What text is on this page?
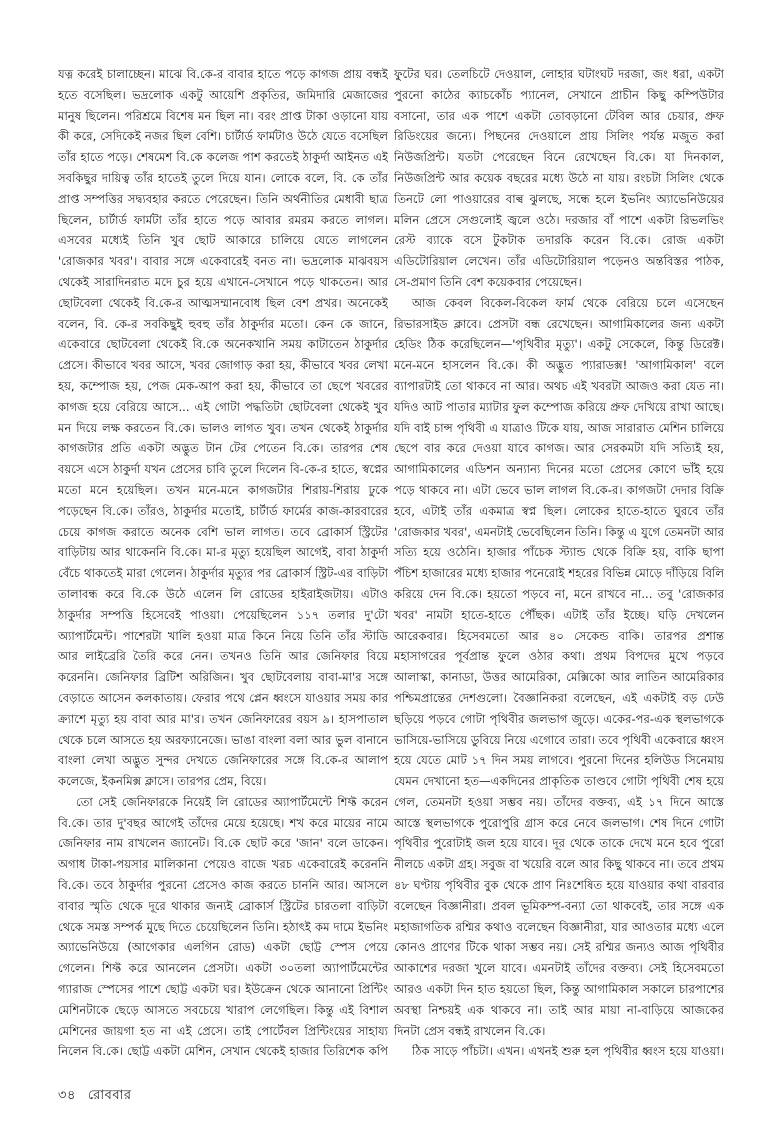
যত্ন করেই চালাচ্ছেন। মাঝে বি.কে-র বাবার হাতে পড়ে কাগজ প্রায় বন্ধই হতে বসেছিল। ভদ্রলোক একটু আয়েশি প্রকৃতির, জমিদারি মেজাজের মানুষ ছিলেন। পরিশ্রমে বিশেষ মন ছিল না। বরং প্রাপ্ত টাকা ওড়ানো যায় কী করে, সেদিকেই নজর ছিল বেশি। চার্টার্ড ফার্মটাও উঠে যেতে বসেছিল তাঁর হাতে পড়ে। শেষমেশ বি.কে কলেজ পাশ করতেই ঠাকুর্দা আইনত এই সবকিছুর দায়িত্ব তাঁর হাতেই তুলে দিয়ে যান। লোকে বলে, বি. কে তাঁর প্রাপ্ত সম্পত্তির সদ্ব্যবহার করতে পেরেছেন। তিনি অর্থনীতির মেধাবী ছাত্র ছিলেন, চার্টার্ড ফার্মটা তাঁর হাতে পড়ে আবার রমরম করতে লাগল। এসবের মধ্যেই তিনি খুব ছোট আকারে চালিয়ে যেতে লাগলেন 'রোজকার খবর'। বাবার সঙ্গে একেবারেই বনত না। ভদ্রলোক মাঝবয়স থেকেই সারাদিনরাত মদে চুর হয়ে এখানে-সেখানে পড়ে থাকতেন। আর ছোটবেলা থেকেই বি.কে-র আত্মসম্মানবোধ ছিল বেশ প্রখর। অনেকেই বলেন, বি. কে-র সবকিছুই হুবহু তাঁর ঠাকুর্দার মতো। কেন কে জানে, একেবারে ছোটবেলা থেকেই বি.কে অনেকখানি সময় কাটাতেন ঠাকুর্দার প্রেসে। কীভাবে খবর আসে, খবর জোগাড় করা হয়, কীভাবে খবর লেখা হয়, কম্পোজ হয়, পেজ মেক-আপ করা হয়, কীভাবে তা ছেপে খবরের কাগজ হয়ে বেরিয়ে আসে... এই গোটা পদ্ধতিটা ছোটবেলা থেকেই খুব মন দিয়ে লক্ষ করতেন বি.কে। ভালও লাগত খুব। তখন থেকেই ঠাকুর্দার কাগজটার প্রতি একটা অদ্ভুত টান টের পেতেন বি.কে। তারপর শেষ বয়সে এসে ঠাকুর্দা যখন প্রেসের চাবি তুলে দিলেন বি-কে-র হাতে, স্বপ্নের মতো মনে হয়েছিল। তখন মনে-মনে কাগজটার শিরায়-শিরায় ঢুকে পড়েছেন বি.কে। তাঁরও, ঠাকুর্দার মতোই, চার্টার্ড ফার্মের কাজ-কারবারের চেয়ে কাগজ করাতে অনেক বেশি ভাল লাগত। তবে ব্রোকার্স স্ট্রিটের বাড়িটায় আর থাকেননি বি.কে। মা-র মৃত্যু হয়েছিল আগেই, বাবা ঠাকুর্দা বেঁচে থাকতেই মারা গেলেন। ঠাকুর্দার মৃত্যুর পর ব্রোকার্স স্ট্রিট-এর বাড়িটা তালাবন্ধ করে বি.কে উঠে এলেন লি রোডের হাইরাইজটায়। এটাও ঠাকুর্দার সম্পত্তি হিসেবেই পাওয়া। পেয়েছিলেন ১১৭ তলার দু'টো অ্যাপার্টমেন্ট। পাশেরটা খালি হওয়া মাত্র কিনে নিয়ে তিনি তাঁর স্টাডি আর লাইব্রেরি তৈরি করে নেন। তখনও তিনি আর জেনিফার বিয়ে করেননি। জেনিফার ব্রিটিশ অরিজিন। খুব ছোটবেলায় বাবা-মা'র সঙ্গে বেড়াতে আসেন কলকাতায়। ফেরার পথে প্লেন ধ্বংসে যাওয়ার সময় কার ক্র্যাশে মৃত্যু হয় বাবা আর মা'র। তখন জেনিফারের বয়স ৯। হাসপাতাল থেকে চলে আসতে হয় অরফ্যানেজে। ভাঙা বাংলা বলা আর ভুল বানানে বাংলা লেখা অদ্ভুত সুন্দর দেখতে জেনিফারের সঙ্গে বি.কে-র আলাপ কলেজে, ইকনমিক্স ক্লাসে। তারপর প্রেম, বিয়ে।

তো সেই জেনিফারকে নিয়েই লি রোডের অ্যাপার্টমেন্টে শিফ্ট করেন বি.কে। তার দু'বছর আগেই তাঁদের মেয়ে হয়েছে। শখ করে মায়ের নামে জেনিফার নাম রাখলেন জ্যানেট। বি.কে ছোট করে 'জান' বলে ডাকেন। অগাধ টাকা-পয়সার মালিকানা পেয়েও বাজে খরচ একেবারেই করেননি বি.কে। তবে ঠাকুর্দার পুরনো প্রেসেও কাজ করতে চাননি আর। আসলে বাবার স্মৃতি থেকে দূরে থাকার জন্যই ব্রোকার্স স্ট্রিটের চারতলা বাড়িটা থেকে সমস্ত সম্পর্ক মুছে দিতে চেয়েছিলেন তিনি। হঠাৎই কম দামে ইভনিং অ্যাভেনিউয়ে (আগেকার এলগিন রোড) একটা ছোট্ট স্পেস পেয়ে গেলেন। শিফ্ট করে আনলেন প্রেসটা। একটা ৩০তলা অ্যাপার্টমেন্টের গ্যারাজ স্পেসের পাশে ছোট্ট একটা ঘর। ইউক্রেন থেকে আনানো প্রিন্টিং মেশিনটাকে ছেড়ে আসতে সবচেয়ে খারাপ লেগেছিল। কিন্তু এই বিশাল মেশিনের জায়গা হত না এই প্রেসে। তাই পোর্টেবল প্রিন্টিংয়ের সাহায্য নিলেন বি.কে। ছোট্ট একটা মেশিন, সেখান থেকেই হাজার তিরিশেক কপি

ফুটের ঘর। তেলচিটে দেওয়াল, লোহার ঘটাংঘট দরজা, জং ধরা, একটা পুরনো কাঠের ক্যাচকোঁচ প্যানেল, সেখানে প্রাচীন কিছু কম্পিউটার বসানো, তার এক পাশে একটা তোবড়ানো টেবিল আর চেয়ার, প্রুফ রিডিংয়ের জন্যে। পিছনের দেওয়ালে প্রায় সিলিং পর্যন্ত মজুত করা নিউজপ্রিন্ট। যতটা পেরেছেন বিনে রেখেছেন বি.কে। যা দিনকাল, নিউজপ্রিন্ট আর কয়েক বছরের মধ্যে উঠে না যায়। রংচটা সিলিং থেকে তিনটে লো পাওয়ারের বাল্ব ঝুলছে, সন্ধে হলে ইভনিং অ্যাভেনিউয়ের মলিন প্রেসে সেগুলোই জ্বলে ওঠে। দরজার বাঁ পাশে একটা রিভলভিং রেস্ট ব্যাকে বসে টুকটাক তদারকি করেন বি.কে। রোজ একটা এডিটোরিয়াল লেখেন। তাঁর এডিটোরিয়াল পড়েনও অন্তবিস্তর পাঠক, সে-প্রমাণ তিনি বেশ কয়েকবার পেয়েছেন।

আজ কেবল বিকেল-বিকেল ফার্ম থেকে বেরিয়ে চলে এসেছেন রিভারসাইড ক্লাবে। প্রেসটা বন্ধ রেখেছেন। আগামিকালের জন্য একটা হেডিং ঠিক করেছিলেন—'পৃথিবীর মৃত্যু'। একটু সেকেলে, কিন্তু ডিরেক্ট। মনে-মনে হাসলেন বি.কে। কী অদ্ভুত প্যারাডক্স! 'আগামিকাল' বলে ব্যাপারটাই তো থাকবে না আর। অথচ এই খবরটা আজও করা যেত না। যদিও আট পাতার ম্যাটার ফুল কম্পোজ করিয়ে প্রুফ দেখিয়ে রাখা আছে। যদি বাই চান্স পৃথিবী এ যাত্রাও টিকে যায়, আজ সারারাত মেশিন চালিয়ে ছেপে বার করে দেওয়া যাবে কাগজ। আর সেরকমটা যদি সত্যিই হয়, আগামিকালের এডিশন অন্যান্য দিনের মতো প্রেসের কোণে ভাঁই হয়ে পড়ে থাকবে না। এটা ভেবে ভাল লাগল বি.কে-র। কাগজটা দেদার বিক্রি হবে, এটাই তাঁর একমাত্র স্বপ্ন ছিল। লোকের হাতে-হাতে ঘুরবে তাঁর 'রোজকার খবর', এমনটাই ভেবেছিলেন তিনি। কিন্তু এ যুগে তেমনটা আর সত্যি হয়ে ওঠেনি। হাজার পাঁচেক স্ট্যান্ড থেকে বিক্রি হয়, বাকি ছাপা পঁচিশ হাজারের মধ্যে হাজার পনেরোই শহরের বিভিন্ন মোড়ে দাঁড়িয়ে বিলি করিয়ে দেন বি.কে। হয়তো পড়বে না, মনে রাখবে না... তবু 'রোজকার খবর' নামটা হাতে-হাতে পৌঁছক। এটাই তাঁর ইচ্ছে। ঘড়ি দেখলেন আরেকবার। হিসেবমতো আর ৪০ সেকেন্ড বাকি। তারপর প্রশান্ত মহাসাগরের পূর্বপ্রান্ত ফুলে ওঠার কথা। প্রথম বিপদের মুখে পড়বে আলাস্কা, কানাডা, উত্তর আমেরিকা, মেক্সিকো আর লাতিন আমেরিকার পশ্চিমপ্রান্তের দেশগুলো। বৈজ্ঞানিকরা বলেছেন, এই একটাই বড় ঢেউ ছড়িয়ে পড়বে গোটা পৃথিবীর জলভাগ জুড়ে। একের-পর-এক স্থলভাগকে ভাসিয়ে-ভাসিয়ে ডুবিয়ে নিয়ে এগোবে তারা। তবে পৃথিবী একেবারে ধ্বংস হয়ে যেতে মোট ১৭ দিন সময় লাগবে। পুরনো দিনের হলিউড সিনেমায় যেমন দেখানো হত—একদিনের প্রাকৃতিক তাণ্ডবে গোটা পৃথিবী শেষ হয়ে গেল, তেমনটা হওয়া সম্ভব নয়। তাঁদের বক্তব্য, এই ১৭ দিনে আস্তে আস্তে স্থলভাগকে পুরোপুরি গ্রাস করে নেবে জলভাগ। শেষ দিনে গোটা পৃথিবীর পুরোটাই জল হয়ে যাবে। দূর থেকে তাকে দেখে মনে হবে পুরো নীলচে একটা গ্রহ। সবুজ বা খয়েরি বলে আর কিছু থাকবে না। তবে প্রথম ৪৮ ঘণ্টায় পৃথিবীর বুক থেকে প্রাণ নিঃশেষিত হয়ে যাওয়ার কথা বারবার বলেছেন বিজ্ঞানীরা। প্রবল ভূমিকম্প-বন্যা তো থাকবেই, তার সঙ্গে এক মহাজাগতিক রশ্মির কথাও বলেছেন বিজ্ঞানীরা, যার আওতার মধ্যে এলে কোনও প্রাণের টিকে থাকা সম্ভব নয়। সেই রশ্মির জন্যও আজ পৃথিবীর আকাশের দরজা খুলে যাবে। এমনটাই তাঁদের বক্তব্য। সেই হিসেবমতো আরও একটা দিন হাত হয়তো ছিল, কিন্তু আগামিকাল সকালে চারপাশের অবস্থা নিশ্চয়ই এক থাকবে না। তাই আর মায়া না-বাড়িয়ে আজকের দিনটা প্রেস বন্ধই রাখলেন বি.কে।

ঠিক সাড়ে পাঁচটা। এখন। এখনই শুরু হল পৃথিবীর ধ্বংস হয়ে যাওয়া।

৩৪ রোববার
